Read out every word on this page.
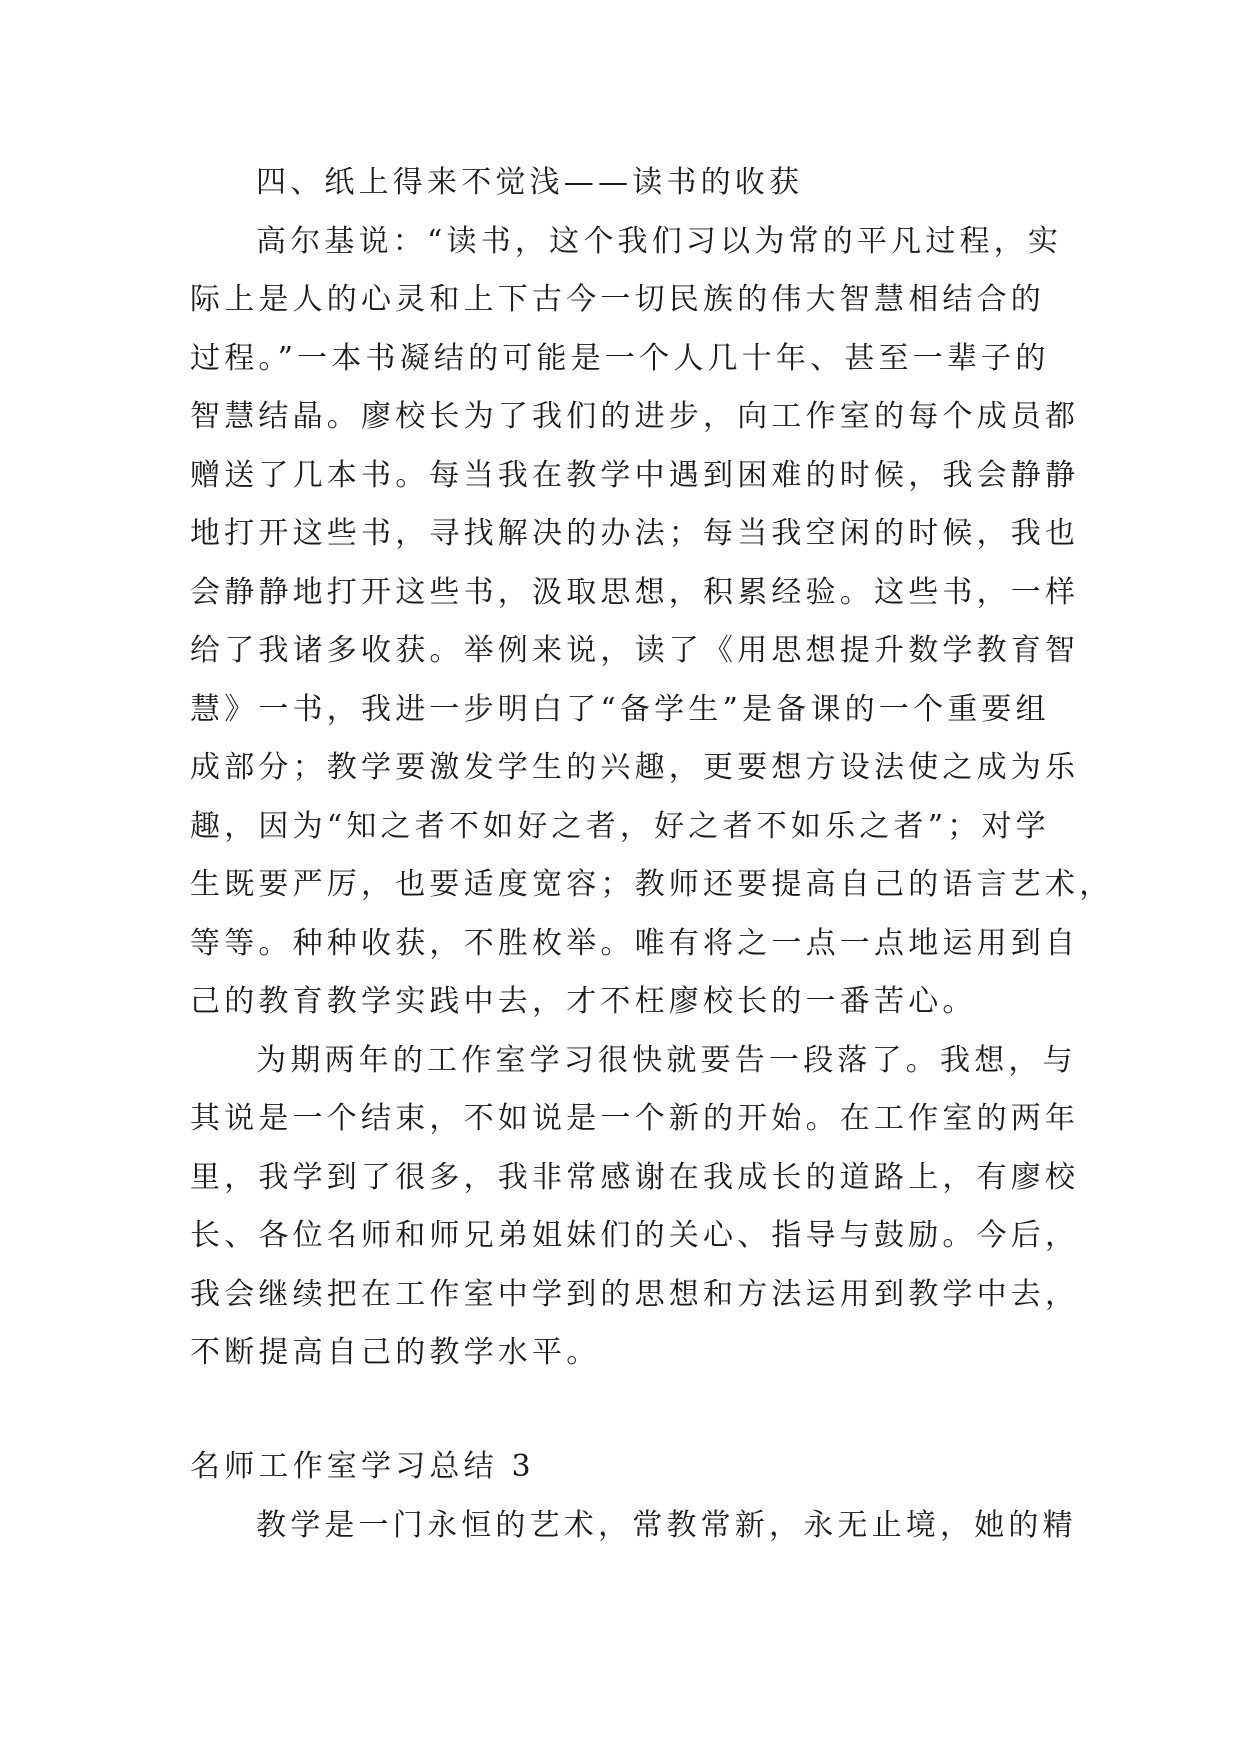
四、纸上得来不觉浅——读书的收获
高尔基说：“读书，这个我们习以为常的平凡过程，实
际上是人的心灵和上下古今一切民族的伟大智慧相结合的
过程。”一本书凝结的可能是一个人几十年、甚至一辈子的
智慧结晶。廖校长为了我们的进步，向工作室的每个成员都
赠送了几本书。每当我在教学中遇到困难的时候，我会静静
地打开这些书，寻找解决的办法；每当我空闲的时候，我也
会静静地打开这些书，汲取思想，积累经验。这些书，一样
给了我诸多收获。举例来说，读了《用思想提升数学教育智
慧》一书，我进一步明白了“备学生”是备课的一个重要组
成部分；教学要激发学生的兴趣，更要想方设法使之成为乐
趣，因为“知之者不如好之者，好之者不如乐之者”；对学
生既要严厉，也要适度宽容；教师还要提高自己的语言艺术，
等等。种种收获，不胜枚举。唯有将之一点一点地运用到自
己的教育教学实践中去，才不枉廖校长的一番苦心。
为期两年的工作室学习很快就要告一段落了。我想，与
其说是一个结束，不如说是一个新的开始。在工作室的两年
里，我学到了很多，我非常感谢在我成长的道路上，有廖校
长、各位名师和师兄弟姐妹们的关心、指导与鼓励。今后，
我会继续把在工作室中学到的思想和方法运用到教学中去，
不断提高自己的教学水平。
名师工作室学习总结 3
教学是一门永恒的艺术，常教常新，永无止境，她的精
